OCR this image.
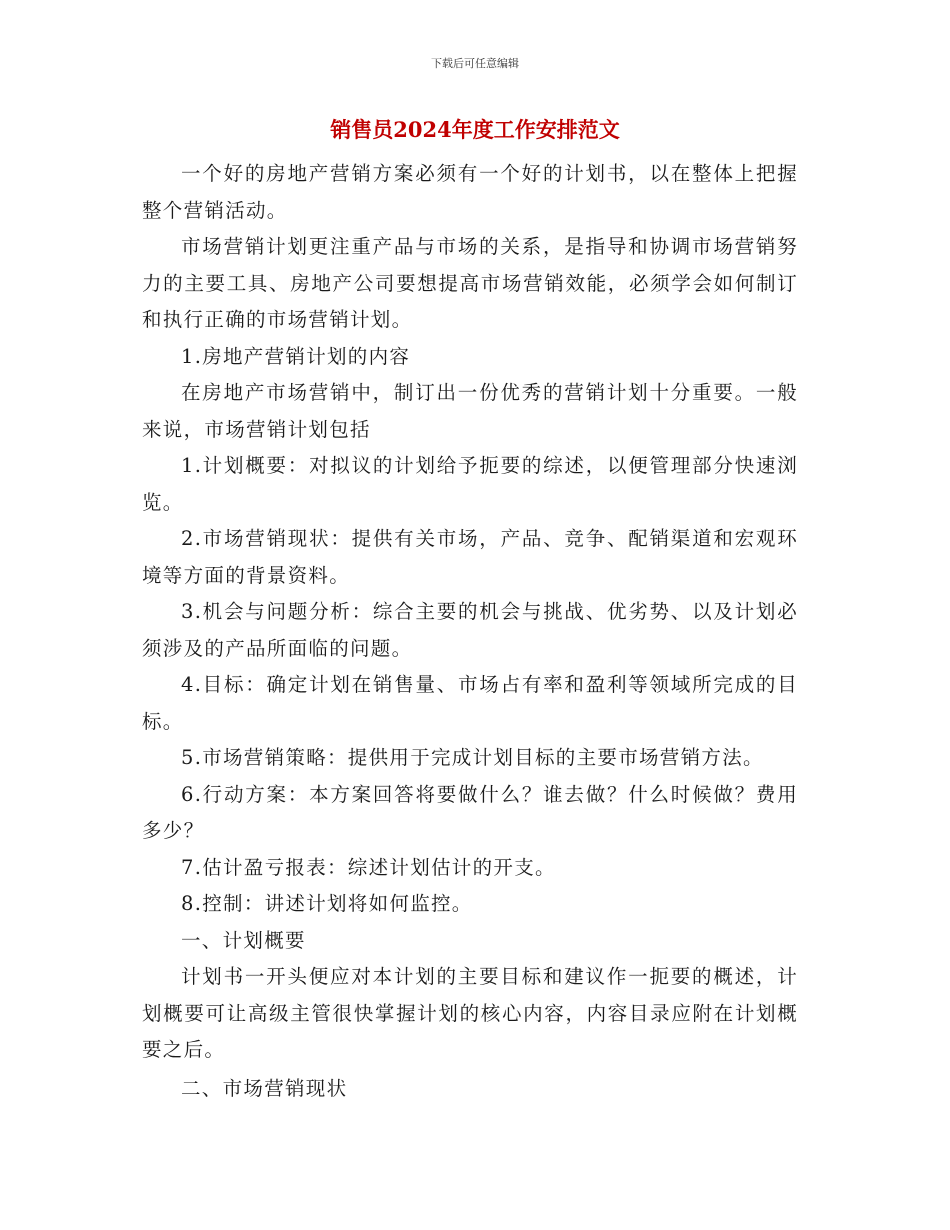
下载后可任意编辑
销售员2024年度工作安排范文

一个好的房地产营销方案必须有一个好的计划书，以在整体上把握整个营销活动。

市场营销计划更注重产品与市场的关系，是指导和协调市场营销努力的主要工具、房地产公司要想提高市场营销效能，必须学会如何制订和执行正确的市场营销计划。

1.房地产营销计划的内容

在房地产市场营销中，制订出一份优秀的营销计划十分重要。一般来说，市场营销计划包括

1.计划概要：对拟议的计划给予扼要的综述，以便管理部分快速浏览。

2.市场营销现状：提供有关市场，产品、竞争、配销渠道和宏观环境等方面的背景资料。

3.机会与问题分析：综合主要的机会与挑战、优劣势、以及计划必须涉及的产品所面临的问题。

4.目标：确定计划在销售量、市场占有率和盈利等领域所完成的目标。

5.市场营销策略：提供用于完成计划目标的主要市场营销方法。

6.行动方案：本方案回答将要做什么？谁去做？什么时候做？费用多少？

7.估计盈亏报表：综述计划估计的开支。

8.控制：讲述计划将如何监控。

一、计划概要

计划书一开头便应对本计划的主要目标和建议作一扼要的概述，计划概要可让高级主管很快掌握计划的核心内容，内容目录应附在计划概要之后。

二、市场营销现状
